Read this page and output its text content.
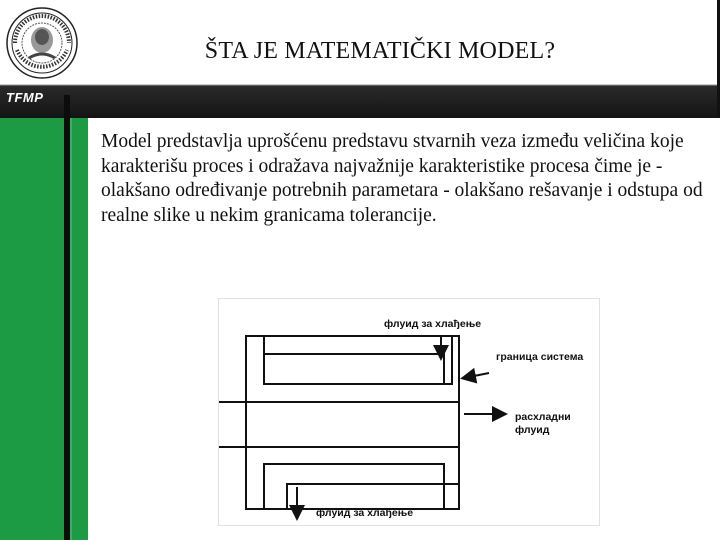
ŠTA JE MATEMATIČKI MODEL?
TFMP
Model predstavlja uprošćenu predstavu stvarnih veza između veličina koje karakterišu proces i odražava najvažnije karakteristike procesa čime je - olakšano određivanje potrebnih parametara - olakšano rešavanje i odstupa od realne slike u nekim granicama tolerancije.
флуид за хлађење
граница система
расхладни
флуид
флуид за хлађење
